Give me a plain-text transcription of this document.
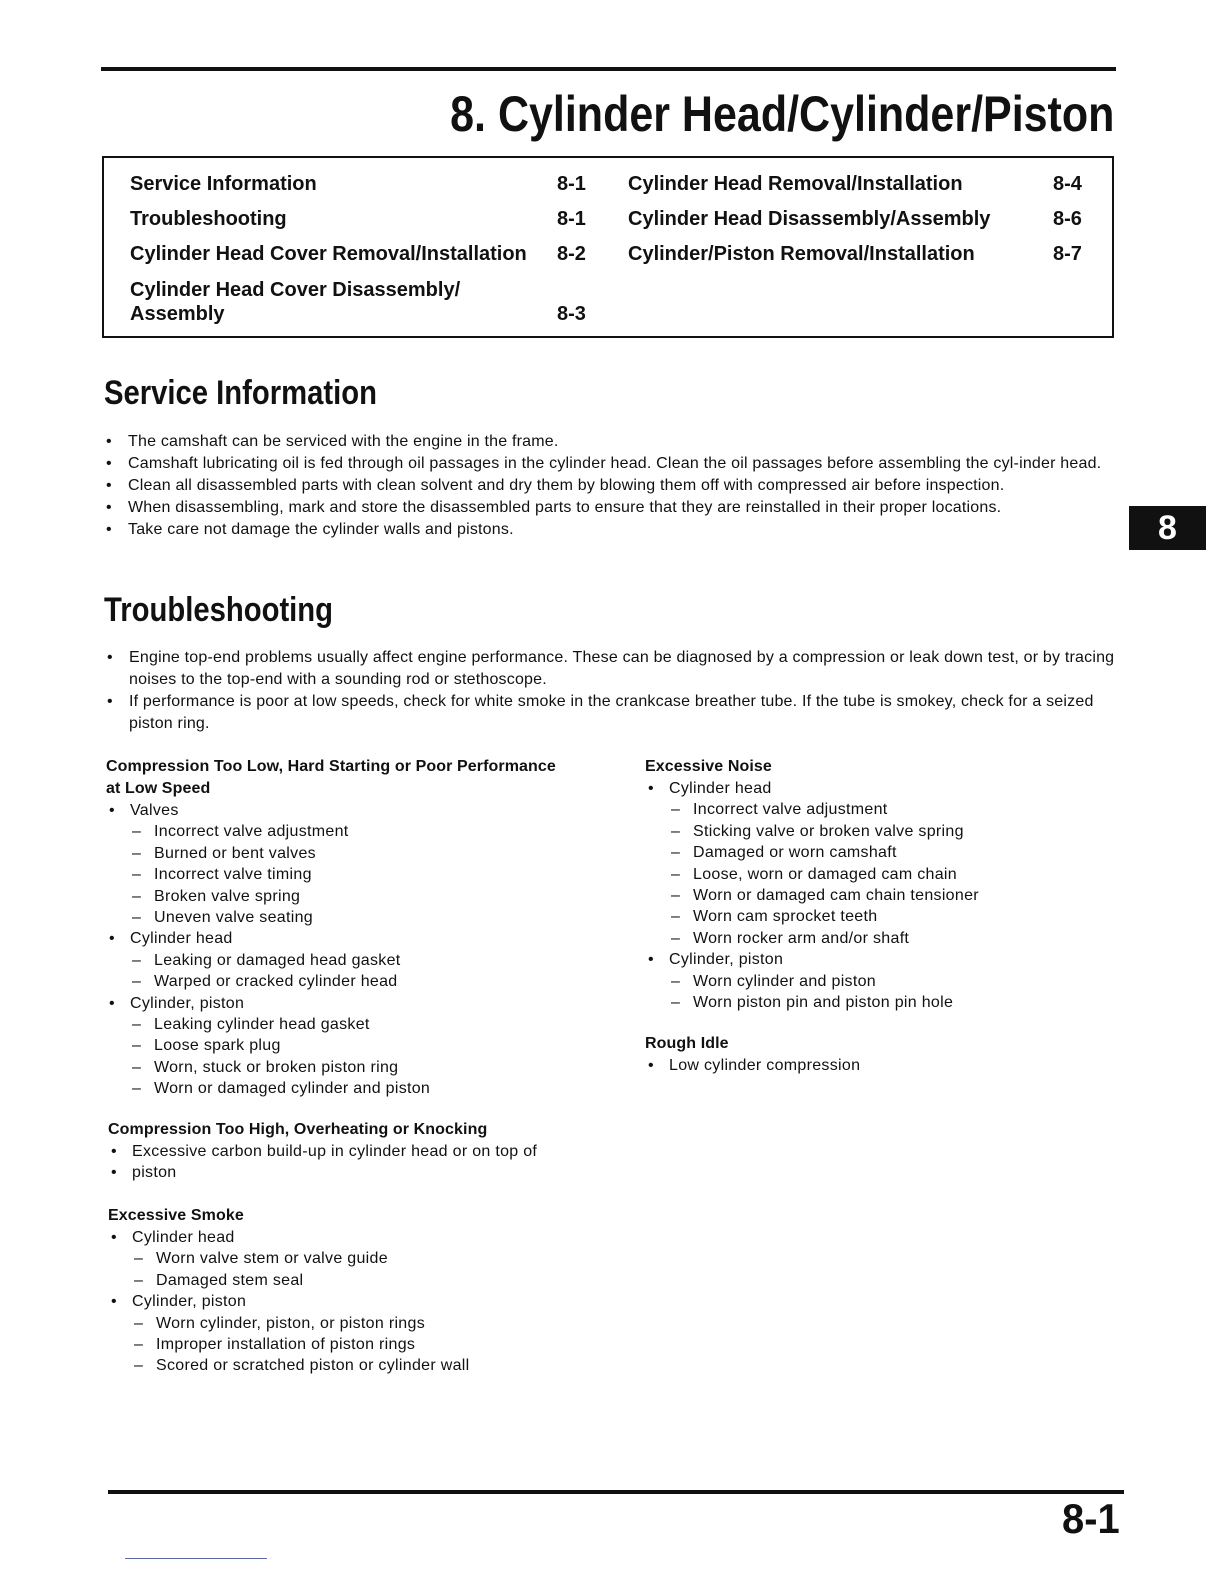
8. Cylinder Head/Cylinder/Piston
Service Information	8-1
Troubleshooting	8-1
Cylinder Head Cover Removal/Installation 8-2
Cylinder Head Cover Disassembly/
Assembly	8-3
Cylinder Head Removal/Installation	8-4
Cylinder Head Disassembly/Assembly	8-6
Cylinder/Piston Removal/Installation	8-7
Service Information
• The camshaft can be serviced with the engine in the frame.
• Camshaft lubricating oil is fed through oil passages in the cylinder head. Clean the oil passages before assembling the cyl-inder head.
• Clean all disassembled parts with clean solvent and dry them by blowing them off with compressed air before inspection.
• When disassembling, mark and store the disassembled parts to ensure that they are reinstalled in their proper locations.
• Take care not damage the cylinder walls and pistons.	8
Troubleshooting
• Engine top-end problems usually affect engine performance. These can be diagnosed by a compression or leak down test, or by tracing noises to the top-end with a sounding rod or stethoscope.
• If performance is poor at low speeds, check for white smoke in the crankcase breather tube. If the tube is smokey, check for a seized piston ring.
Compression Too Low, Hard Starting or Poor Performance
at Low Speed
• Valves
– Incorrect valve adjustment
– Burned or bent valves
– Incorrect valve timing
– Broken valve spring
– Uneven valve seating
• Cylinder head
– Leaking or damaged head gasket
– Warped or cracked cylinder head
• Cylinder, piston
– Leaking cylinder head gasket
– Loose spark plug
– Worn, stuck or broken piston ring
– Worn or damaged cylinder and piston
Compression Too High, Overheating or Knocking
• Excessive carbon build-up in cylinder head or on top of
• piston
Excessive Smoke
• Cylinder head
– Worn valve stem or valve guide
– Damaged stem seal
• Cylinder, piston
– Worn cylinder, piston, or piston rings
– Improper installation of piston rings
– Scored or scratched piston or cylinder wall
Excessive Noise
• Cylinder head
– Incorrect valve adjustment
– Sticking valve or broken valve spring
– Damaged or worn camshaft
– Loose, worn or damaged cam chain
– Worn or damaged cam chain tensioner
– Worn cam sprocket teeth
– Worn rocker arm and/or shaft
• Cylinder, piston
– Worn cylinder and piston
– Worn piston pin and piston pin hole
Rough Idle
• Low cylinder compression
8-1
